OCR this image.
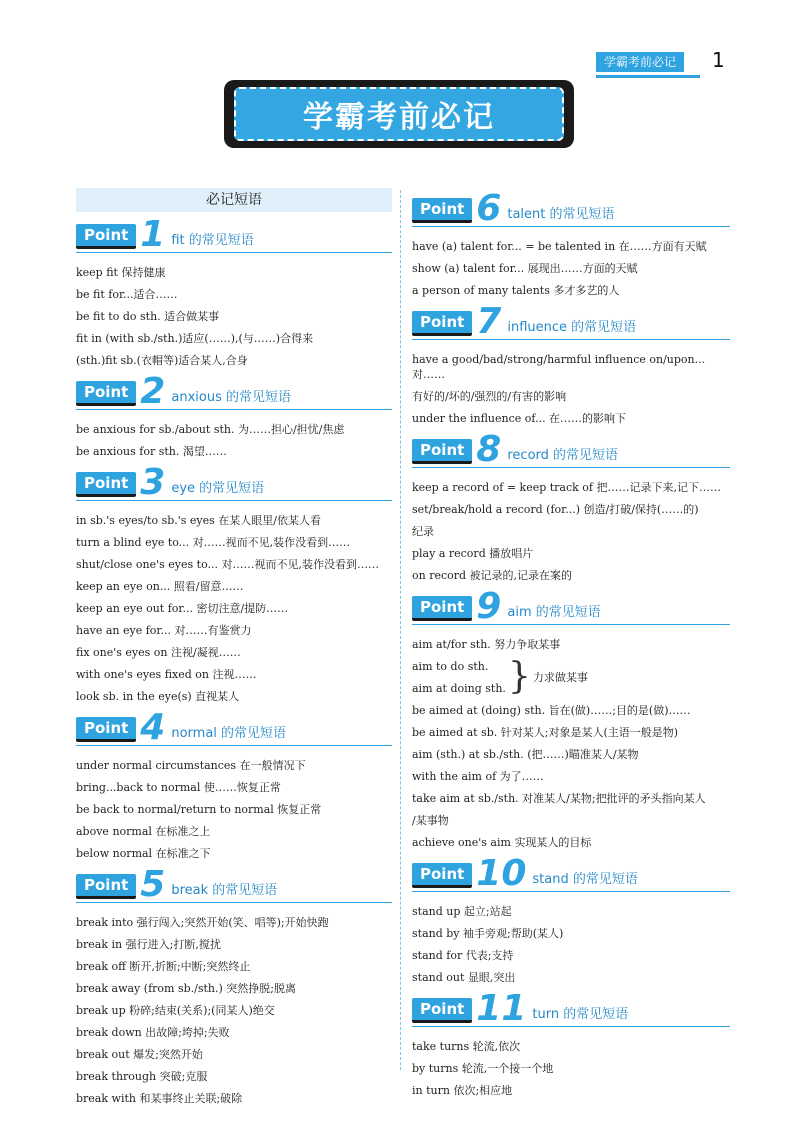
学霸考前必记	1
学霸考前必记
必记短语
Point 1 fit 的常见短语
keep fit 保持健康
be fit for...适合……
be fit to do sth. 适合做某事
fit in (with sb./sth.)适应(……),(与……)合得来
(sth.)fit sb.(衣帽等)适合某人,合身
Point 2 anxious 的常见短语
be anxious for sb./about sth. 为……担心/担忧/焦虑
be anxious for sth. 渴望……
Point 3 eye 的常见短语
in sb.'s eyes/to sb.'s eyes 在某人眼里/依某人看
turn a blind eye to... 对……视而不见,装作没看到……
shut/close one's eyes to... 对……视而不见,装作没看到……
keep an eye on... 照看/留意……
keep an eye out for... 密切注意/提防……
have an eye for... 对……有鉴赏力
fix one's eyes on 注视/凝视……
with one's eyes fixed on 注视……
look sb. in the eye(s) 直视某人
Point 4 normal 的常见短语
under normal circumstances 在一般情况下
bring...back to normal 使……恢复正常
be back to normal/return to normal 恢复正常
above normal 在标准之上
below normal 在标准之下
Point 5 break 的常见短语
break into 强行闯入;突然开始(笑、唱等);开始快跑
break in 强行进入;打断,搅扰
break off 断开,折断;中断;突然终止
break away (from sb./sth.) 突然挣脱;脱离
break up 粉碎;结束(关系);(同某人)绝交
break down 出故障;垮掉;失败
break out 爆发;突然开始
break through 突破;克服
break with 和某事终止关联;破除
Point 6 talent 的常见短语
have (a) talent for... = be talented in 在……方面有天赋
show (a) talent for... 展现出……方面的天赋
a person of many talents 多才多艺的人
Point 7 influence 的常见短语
have a good/bad/strong/harmful influence on/upon... 对……
有好的/坏的/强烈的/有害的影响
under the influence of... 在……的影响下
Point 8 record 的常见短语
keep a record of = keep track of 把……记录下来,记下……
set/break/hold a record (for...) 创造/打破/保持(……的)
纪录
play a record 播放唱片
on record 被记录的,记录在案的
Point 9 aim 的常见短语
aim at/for sth. 努力争取某事
aim to do sth.
aim at doing sth. } 力求做某事
be aimed at (doing) sth. 旨在(做)……;目的是(做)……
be aimed at sb. 针对某人;对象是某人(主语一般是物)
aim (sth.) at sb./sth. (把……)瞄准某人/某物
with the aim of 为了……
take aim at sb./sth. 对准某人/某物;把批评的矛头指向某人
/某事物
achieve one's aim 实现某人的目标
Point 10 stand 的常见短语
stand up 起立;站起
stand by 袖手旁观;帮助(某人)
stand for 代表;支持
stand out 显眼,突出
Point 11 turn 的常见短语
take turns 轮流,依次
by turns 轮流,一个接一个地
in turn 依次;相应地
